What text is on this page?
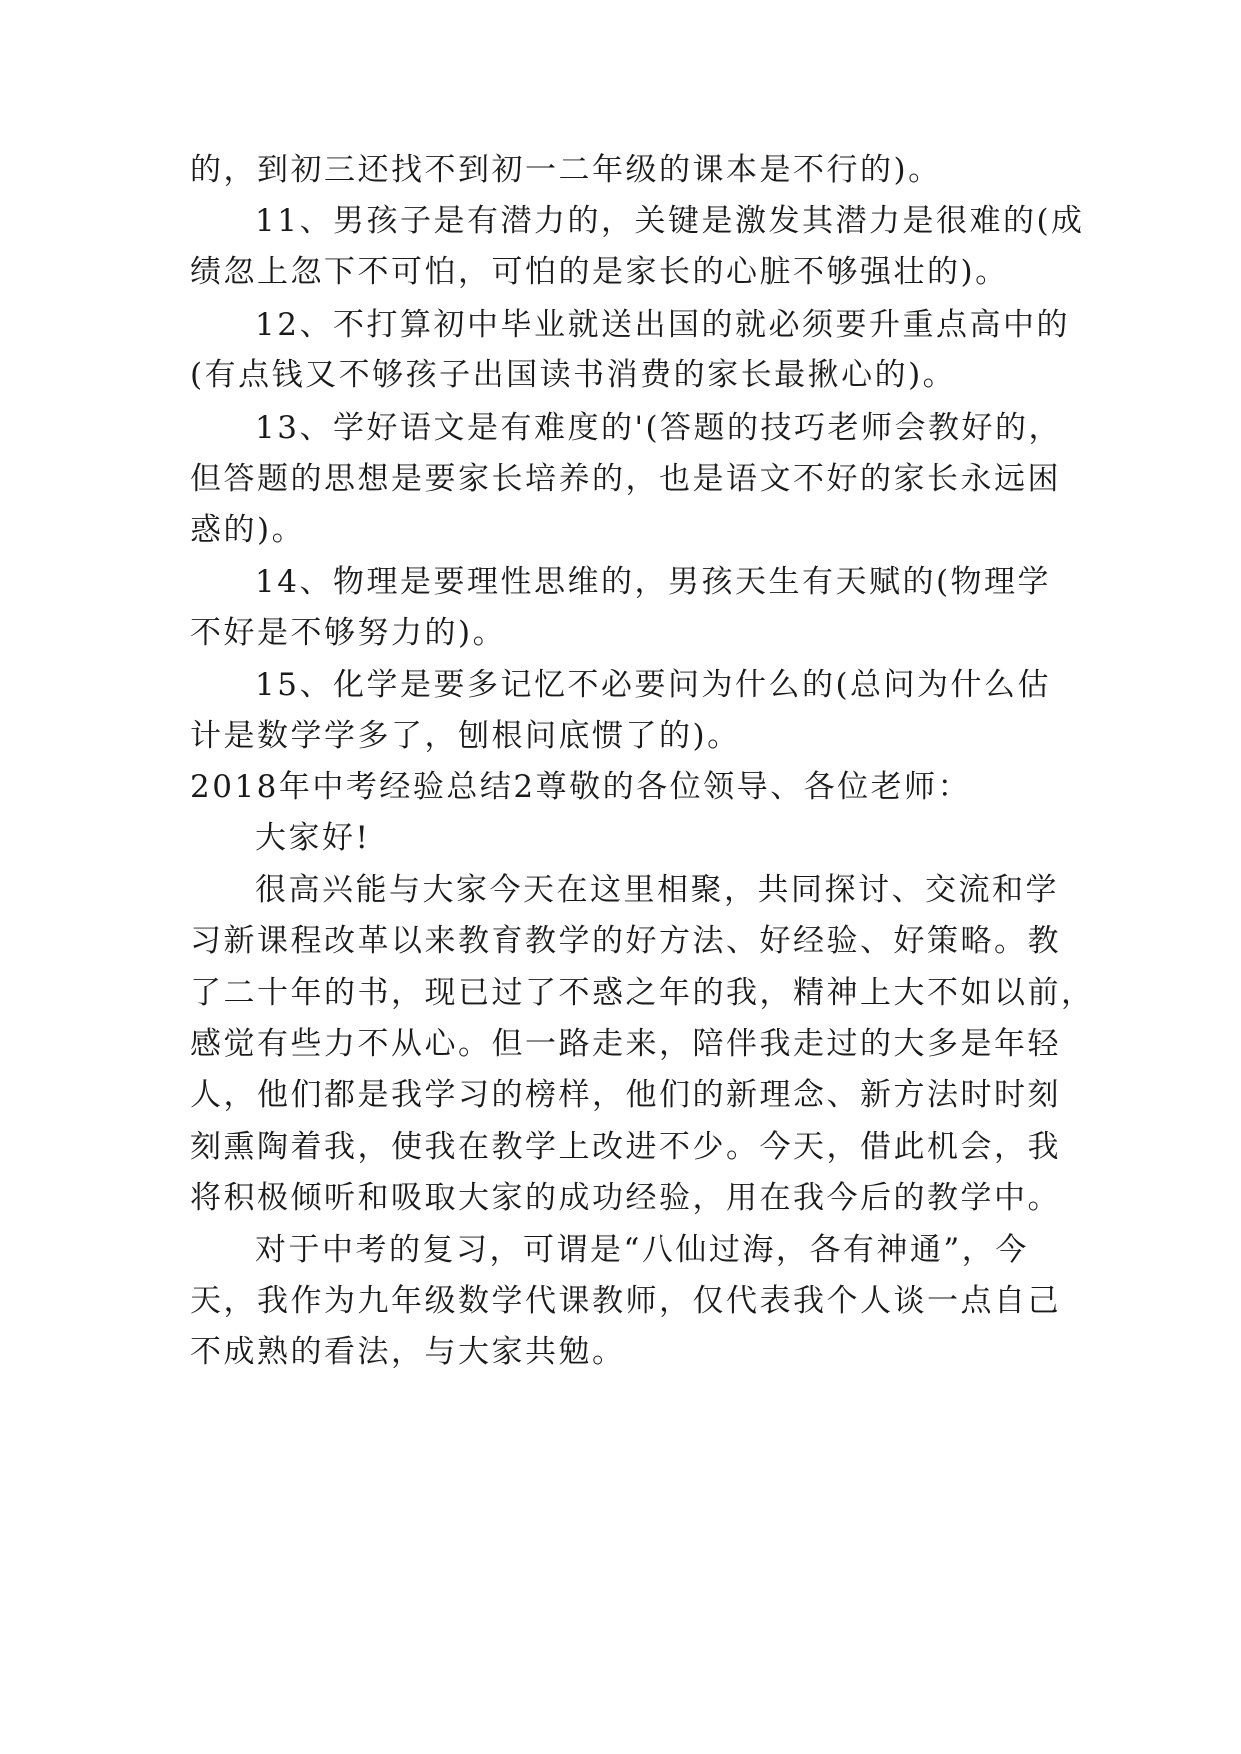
的，到初三还找不到初一二年级的课本是不行的)。
11、男孩子是有潜力的，关键是激发其潜力是很难的(成
绩忽上忽下不可怕，可怕的是家长的心脏不够强壮的)。
12、不打算初中毕业就送出国的就必须要升重点高中的
(有点钱又不够孩子出国读书消费的家长最揪心的)。
13、学好语文是有难度的'(答题的技巧老师会教好的，
但答题的思想是要家长培养的，也是语文不好的家长永远困
惑的)。
14、物理是要理性思维的，男孩天生有天赋的(物理学
不好是不够努力的)。
15、化学是要多记忆不必要问为什么的(总问为什么估
计是数学学多了，刨根问底惯了的)。
2018年中考经验总结2尊敬的各位领导、各位老师：
大家好!
很高兴能与大家今天在这里相聚，共同探讨、交流和学
习新课程改革以来教育教学的好方法、好经验、好策略。教
了二十年的书，现已过了不惑之年的我，精神上大不如以前，
感觉有些力不从心。但一路走来，陪伴我走过的大多是年轻
人，他们都是我学习的榜样，他们的新理念、新方法时时刻
刻熏陶着我，使我在教学上改进不少。今天，借此机会，我
将积极倾听和吸取大家的成功经验，用在我今后的教学中。
对于中考的复习，可谓是“八仙过海，各有神通”，今
天，我作为九年级数学代课教师，仅代表我个人谈一点自己
不成熟的看法，与大家共勉。
